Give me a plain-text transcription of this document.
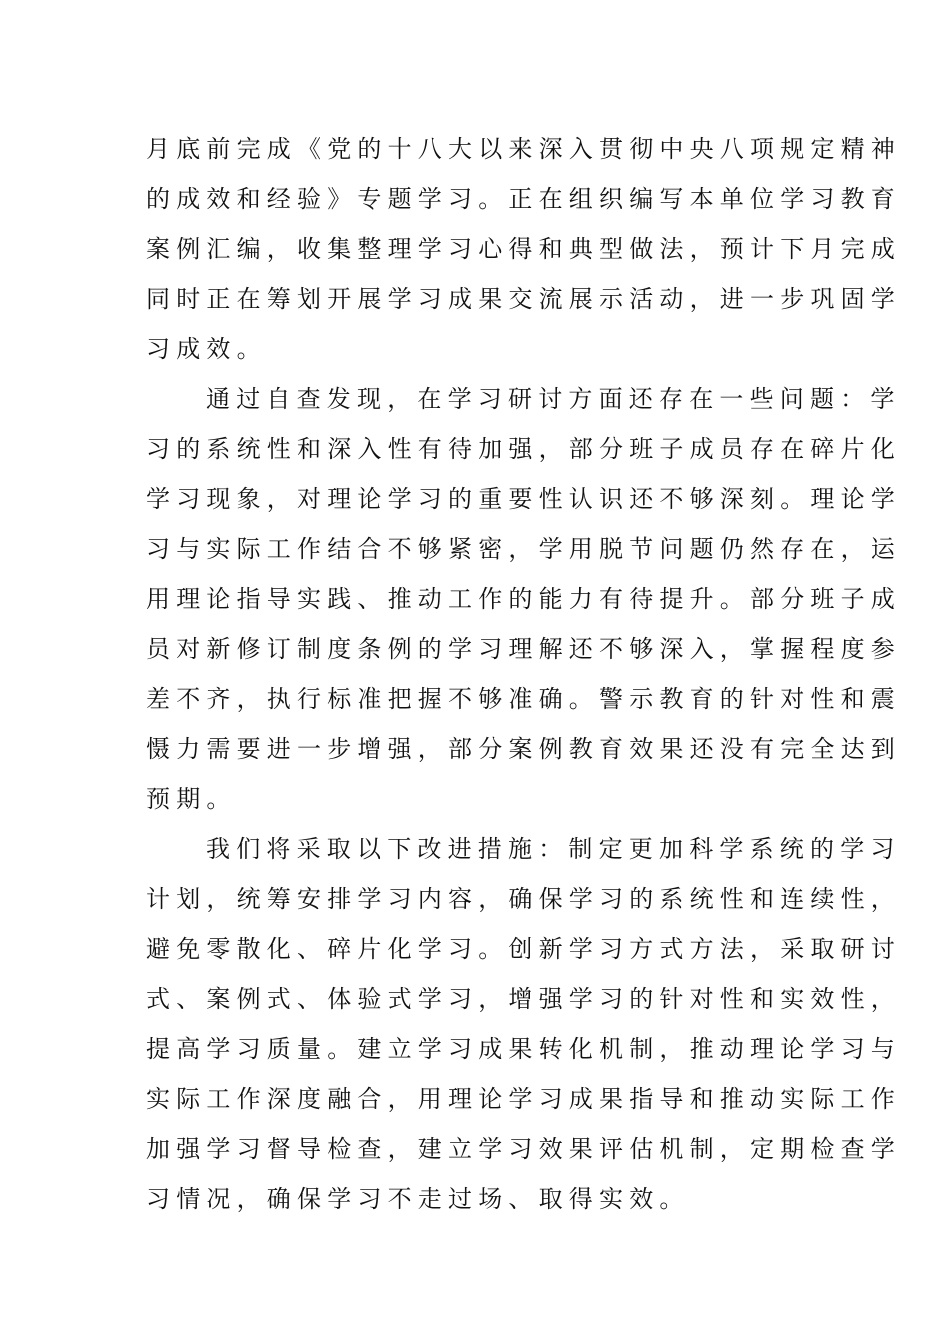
月底前完成《党的十八大以来深入贯彻中央八项规定精神
的成效和经验》专题学习。正在组织编写本单位学习教育
案例汇编，收集整理学习心得和典型做法，预计下月完成
同时正在筹划开展学习成果交流展示活动，进一步巩固学
习成效。

通过自查发现，在学习研讨方面还存在一些问题：学
习的系统性和深入性有待加强，部分班子成员存在碎片化
学习现象，对理论学习的重要性认识还不够深刻。理论学
习与实际工作结合不够紧密，学用脱节问题仍然存在，运
用理论指导实践、推动工作的能力有待提升。部分班子成
员对新修订制度条例的学习理解还不够深入，掌握程度参
差不齐，执行标准把握不够准确。警示教育的针对性和震
慑力需要进一步增强，部分案例教育效果还没有完全达到
预期。

我们将采取以下改进措施：制定更加科学系统的学习
计划，统筹安排学习内容，确保学习的系统性和连续性，
避免零散化、碎片化学习。创新学习方式方法，采取研讨
式、案例式、体验式学习，增强学习的针对性和实效性，
提高学习质量。建立学习成果转化机制，推动理论学习与
实际工作深度融合，用理论学习成果指导和推动实际工作
加强学习督导检查，建立学习效果评估机制，定期检查学
习情况，确保学习不走过场、取得实效。
